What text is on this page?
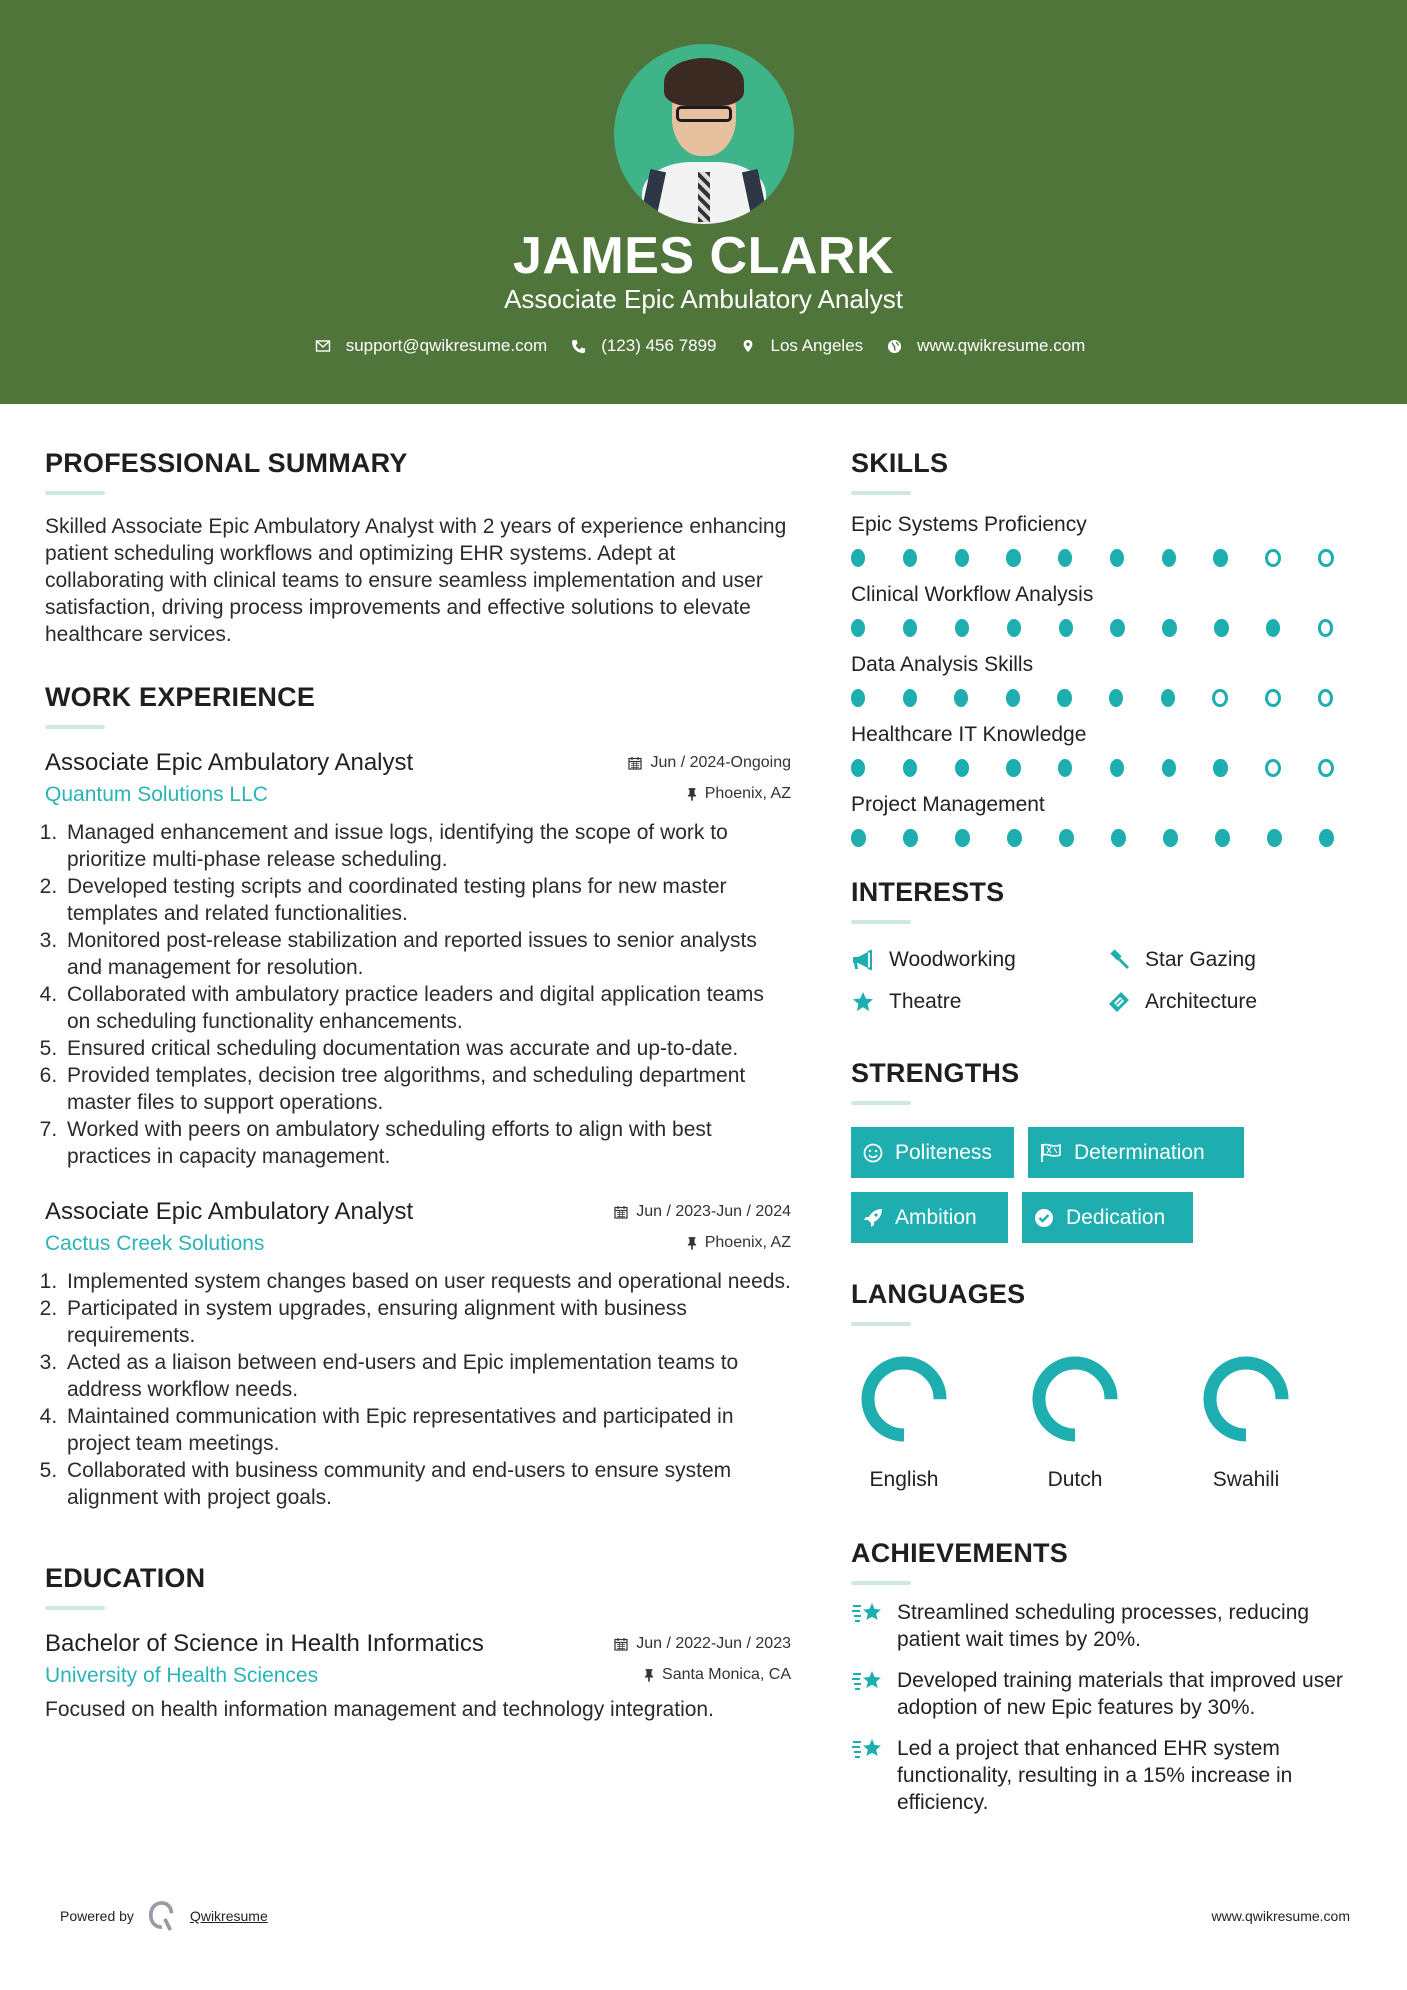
JAMES CLARK
Associate Epic Ambulatory Analyst
support@qwikresume.com	(123) 456 7899	Los Angeles	www.qwikresume.com
PROFESSIONAL SUMMARY

Skilled Associate Epic Ambulatory Analyst with 2 years of experience enhancing patient scheduling workflows and optimizing EHR systems. Adept at collaborating with clinical teams to ensure seamless implementation and user satisfaction, driving process improvements and effective solutions to elevate healthcare services.

WORK EXPERIENCE
Associate Epic Ambulatory Analyst	Jun / 2024-Ongoing
Quantum Solutions LLC	Phoenix, AZ
1. Managed enhancement and issue logs, identifying the scope of work to prioritize multi-phase release scheduling.
2. Developed testing scripts and coordinated testing plans for new master templates and related functionalities.
3. Monitored post-release stabilization and reported issues to senior analysts and management for resolution.
4. Collaborated with ambulatory practice leaders and digital application teams on scheduling functionality enhancements.
5. Ensured critical scheduling documentation was accurate and up-to-date.
6. Provided templates, decision tree algorithms, and scheduling department master files to support operations.
7. Worked with peers on ambulatory scheduling efforts to align with best practices in capacity management.
Associate Epic Ambulatory Analyst	Jun / 2023-Jun / 2024
Cactus Creek Solutions	Phoenix, AZ
1. Implemented system changes based on user requests and operational needs.
2. Participated in system upgrades, ensuring alignment with business requirements.
3. Acted as a liaison between end-users and Epic implementation teams to address workflow needs.
4. Maintained communication with Epic representatives and participated in project team meetings.
5. Collaborated with business community and end-users to ensure system alignment with project goals.
EDUCATION
Bachelor of Science in Health Informatics	Jun / 2022-Jun / 2023
University of Health Sciences	Santa Monica, CA

Focused on health information management and technology integration.

SKILLS
Epic Systems Proficiency
Clinical Workflow Analysis
Data Analysis Skills
Healthcare IT Knowledge
Project Management
INTERESTS
Woodworking	Star Gazing
Theatre	Architecture
STRENGTHS
Politeness	Determination
Ambition	Dedication
LANGUAGES
English	Dutch	Swahili
ACHIEVEMENTS
Streamlined scheduling processes, reducing patient wait times by 20%.
Developed training materials that improved user adoption of new Epic features by 30%.
Led a project that enhanced EHR system functionality, resulting in a 15% increase in efficiency.
Powered by	Qwikresume	www.qwikresume.com
